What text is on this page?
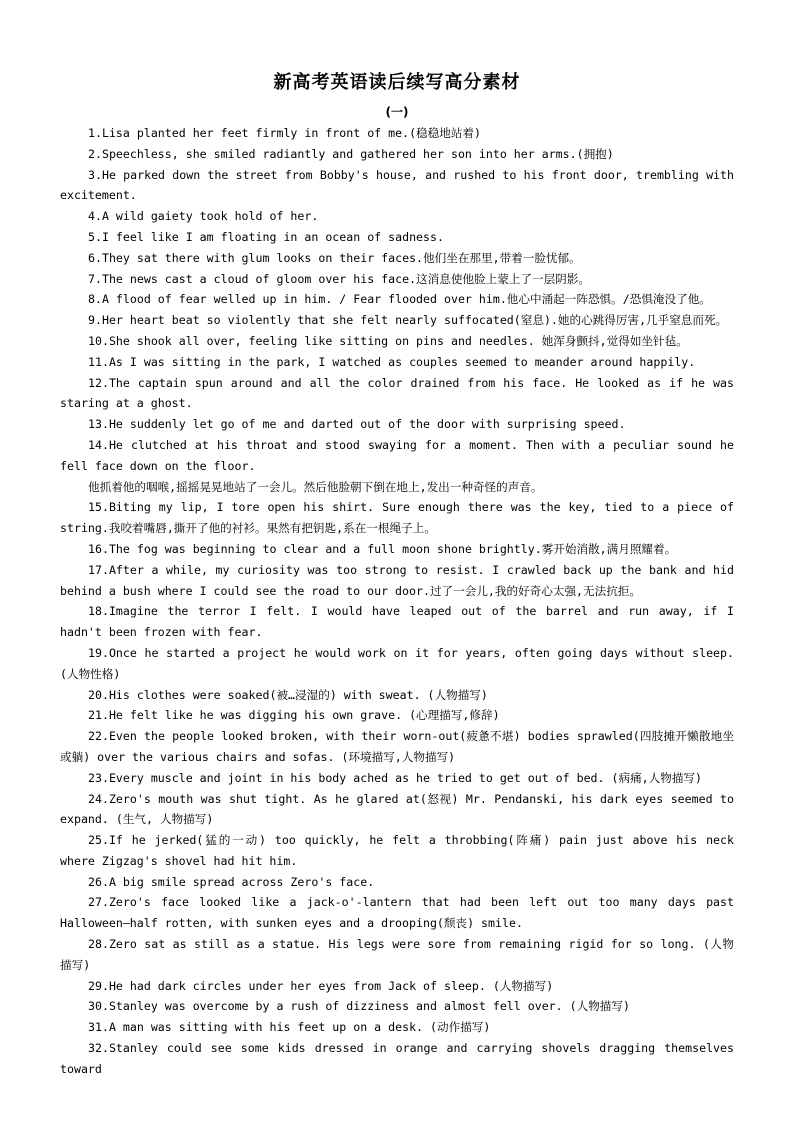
新高考英语读后续写高分素材
(一)

1.Lisa planted her feet firmly in front of me.(稳稳地站着)

2.Speechless, she smiled radiantly and gathered her son into her arms.(拥抱)

3.He parked down the street from Bobby's house, and rushed to his front door, trembling with excitement.

4.A wild gaiety took hold of her.

5.I feel like I am floating in an ocean of sadness.

6.They sat there with glum looks on their faces.他们坐在那里,带着一脸忧郁。

7.The news cast a cloud of gloom over his face.这消息使他脸上蒙上了一层阴影。

8.A flood of fear welled up in him. / Fear flooded over him.他心中涌起一阵恐惧。/恐惧淹没了他。

9.Her heart beat so violently that she felt nearly suffocated(窒息).她的心跳得厉害,几乎窒息而死。

10.She shook all over, feeling like sitting on pins and needles. 她浑身颤抖,觉得如坐针毡。

11.As I was sitting in the park, I watched as couples seemed to meander around happily.

12.The captain spun around and all the color drained from his face. He looked as if he was staring at a ghost.

13.He suddenly let go of me and darted out of the door with surprising speed.

14.He clutched at his throat and stood swaying for a moment. Then with a peculiar sound he fell face down on the floor.

他抓着他的咽喉,摇摇晃晃地站了一会儿。然后他脸朝下倒在地上,发出一种奇怪的声音。

15.Biting my lip, I tore open his shirt. Sure enough there was the key, tied to a piece of string.我咬着嘴唇,撕开了他的衬衫。果然有把钥匙,系在一根绳子上。

16.The fog was beginning to clear and a full moon shone brightly.雾开始消散,满月照耀着。

17.After a while, my curiosity was too strong to resist. I crawled back up the bank and hid behind a bush where I could see the road to our door.过了一会儿,我的好奇心太强,无法抗拒。

18.Imagine the terror I felt. I would have leaped out of the barrel and run away, if I hadn't been frozen with fear.

19.Once he started a project he would work on it for years, often going days without sleep. (人物性格)

20.His clothes were soaked(被…浸湿的) with sweat. (人物描写)

21.He felt like he was digging his own grave. (心理描写,修辞)

22.Even the people looked broken, with their worn-out(疲惫不堪) bodies sprawled(四肢摊开懒散地坐或躺) over the various chairs and sofas. (环境描写,人物描写)

23.Every muscle and joint in his body ached as he tried to get out of bed. (病痛,人物描写)

24.Zero's mouth was shut tight. As he glared at(怒视) Mr. Pendanski, his dark eyes seemed to expand. (生气, 人物描写)

25.If he jerked(猛的一动) too quickly, he felt a throbbing(阵痛) pain just above his neck where Zigzag's shovel had hit him.

26.A big smile spread across Zero's face.

27.Zero's face looked like a jack-o'-lantern that had been left out too many days past Halloween—half rotten, with sunken eyes and a drooping(颓丧) smile.

28.Zero sat as still as a statue. His legs were sore from remaining rigid for so long. (人物描写)

29.He had dark circles under her eyes from Jack of sleep. (人物描写)

30.Stanley was overcome by a rush of dizziness and almost fell over. (人物描写)

31.A man was sitting with his feet up on a desk. (动作描写)

32.Stanley could see some kids dressed in orange and carrying shovels dragging themselves toward
